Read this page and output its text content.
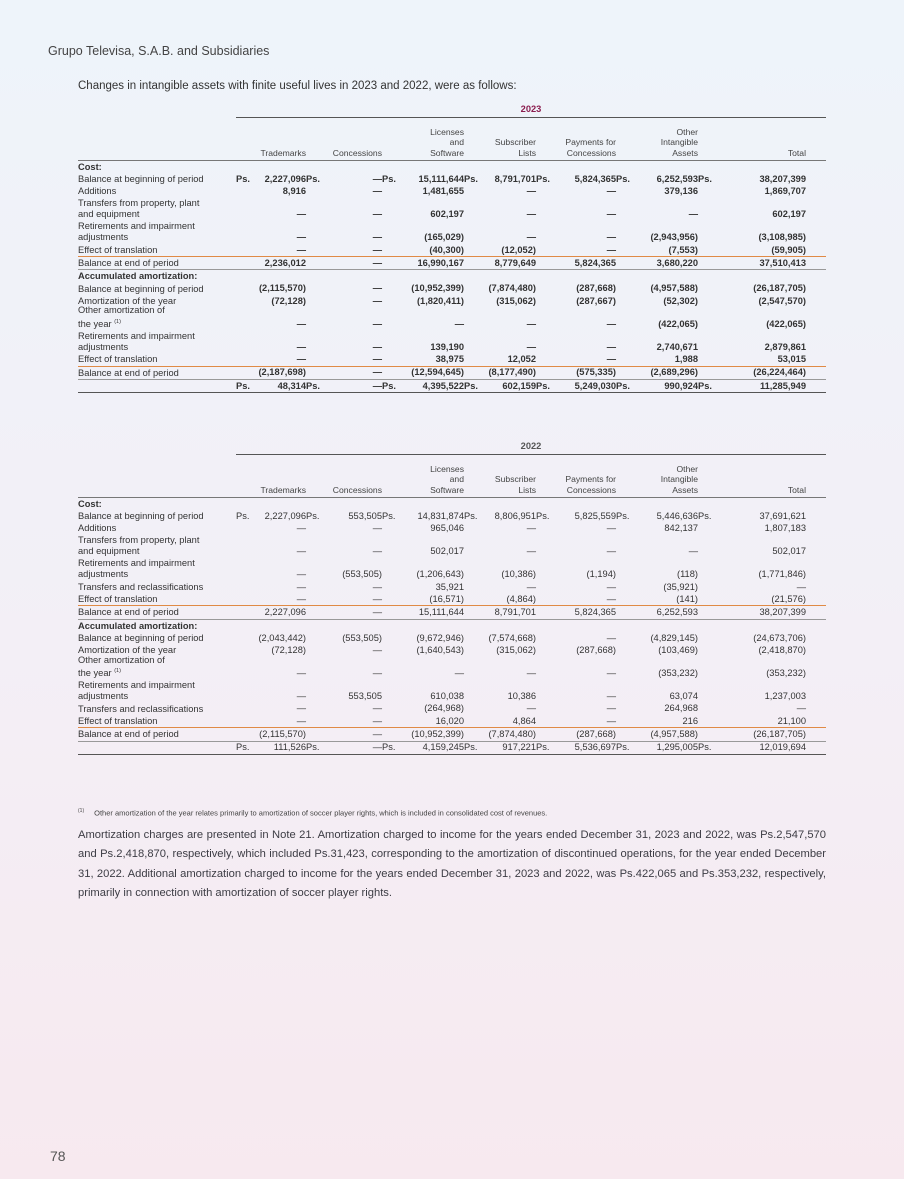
Grupo Televisa, S.A.B. and Subsidiaries
Changes in intangible assets with finite useful lives in 2023 and 2022, were as follows:
2023
Trademarks	Concessions
Licenses
and
Software
Subscriber
Lists
Payments for
Concessions
Other
Intangible
Assets	Total
Cost:
Balance at beginning of period	Ps.	2,227,096 Ps.	— Ps.	15,111,644 Ps.	8,791,701 Ps.	5,824,365 Ps.	6,252,593 Ps.	38,207,399
Additions	8,916	—	1,481,655	—	—	379,136	1,869,707
Transfers from property, plant
and equipment	—	—	602,197	—	—	—	602,197
Retirements and impairment
adjustments	—	—	(165,029)	—	—	(2,943,956)	(3,108,985)
Effect of translation	—	—	(40,300)	(12,052)	—	(7,553)	(59,905)
Balance at end of period	2,236,012	—	16,990,167	8,779,649	5,824,365	3,680,220	37,510,413
Accumulated amortization:
Balance at beginning of period	(2,115,570)	—	(10,952,399)	(7,874,480)	(287,668)	(4,957,588)	(26,187,705)
Amortization of the year	(72,128)	—	(1,820,411)	(315,062)	(287,667)	(52,302)	(2,547,570)
Other amortization of
the year $^{(1)}$	—	—	—	—	—	(422,065)	(422,065)
Retirements and impairment
adjustments	—	—	139,190	—	—	2,740,671	2,879,861
Effect of translation	—	—	38,975	12,052	—	1,988	53,015
Balance at end of period	(2,187,698)	—	(12,594,645)	(8,177,490)	(575,335)	(2,689,296)	(26,224,464)
Ps.	48,314 Ps.	— Ps.	4,395,522 Ps.	602,159 Ps.	5,249,030 Ps.	990,924 Ps.	11,285,949
2022
Trademarks	Concessions
Licenses
and
Software
Subscriber
Lists
Payments for
Concessions
Other
Intangible
Assets	Total
Cost:
Balance at beginning of period	Ps.	2,227,096 Ps.	553,505 Ps.	14,831,874 Ps.	8,806,951 Ps.	5,825,559 Ps.	5,446,636 Ps.	37,691,621
Additions	—	—	965,046	—	—	842,137	1,807,183
Transfers from property, plant
and equipment	—	—	502,017	—	—	—	502,017
Retirements and impairment
adjustments	—	(553,505)	(1,206,643)	(10,386)	(1,194)	(118)	(1,771,846)
Transfers and reclassifications	—	—	35,921	—	—	(35,921)	—
Effect of translation	—	—	(16,571)	(4,864)	—	(141)	(21,576)
Balance at end of period	2,227,096	—	15,111,644	8,791,701	5,824,365	6,252,593	38,207,399
Accumulated amortization:
Balance at beginning of period	(2,043,442)	(553,505)	(9,672,946)	(7,574,668)	—	(4,829,145)	(24,673,706)
Amortization of the year	(72,128)	—	(1,640,543)	(315,062)	(287,668)	(103,469)	(2,418,870)
Other amortization of
the year $^{(1)}$	—	—	—	—	—	(353,232)	(353,232)
Retirements and impairment
adjustments	—	553,505	610,038	10,386	—	63,074	1,237,003
Transfers and reclassifications	—	—	(264,968)	—	—	264,968	—
Effect of translation	—	—	16,020	4,864	—	216	21,100
Balance at end of period	(2,115,570)	—	(10,952,399)	(7,874,480)	(287,668)	(4,957,588)	(26,187,705)
Ps.	111,526 Ps.	— Ps.	4,159,245 Ps.	917,221 Ps.	5,536,697 Ps.	1,295,005 Ps.	12,019,694
$^{(1)}$ Other amortization of the year relates primarily to amortization of soccer player rights, which is included in consolidated cost of revenues.
Amortization charges are presented in Note 21. Amortization charged to income for the years ended December 31, 2023 and 2022, was Ps.2,547,570 and Ps.2,418,870, respectively, which included Ps.31,423, corresponding to the amortization of discontinued operations, for the year ended December 31, 2022. Additional amortization charged to income for the years ended December 31, 2023 and 2022, was Ps.422,065 and Ps.353,232, respectively, primarily in connection with amortization of soccer player rights.
78
